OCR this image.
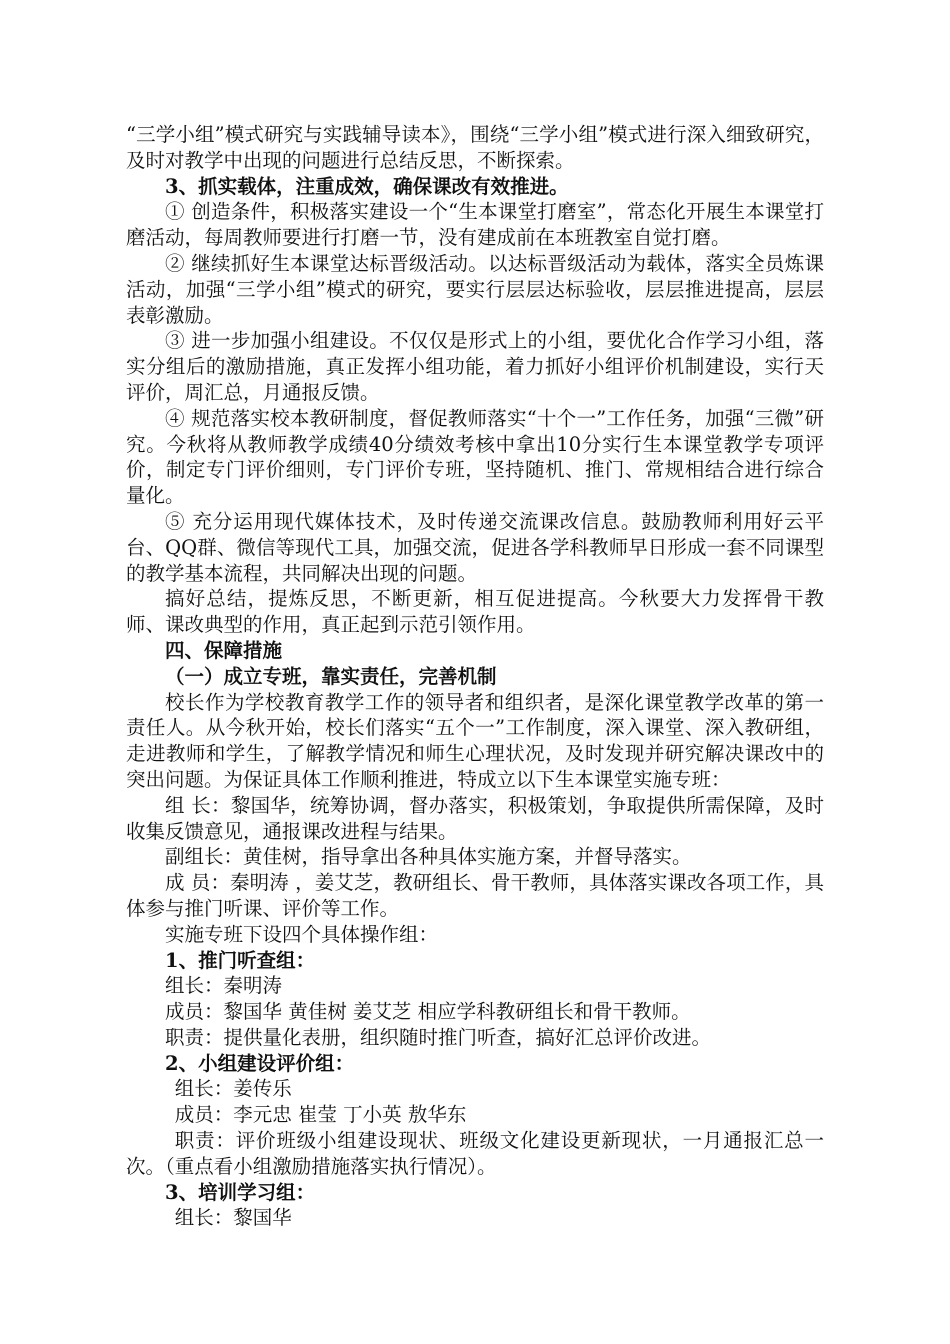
“三学小组”模式研究与实践辅导读本》，围绕“三学小组”模式进行深入细致研究，及时对教学中出现的问题进行总结反思，不断探索。

3、抓实载体，注重成效，确保课改有效推进。

① 创造条件，积极落实建设一个“生本课堂打磨室”，常态化开展生本课堂打磨活动，每周教师要进行打磨一节，没有建成前在本班教室自觉打磨。

② 继续抓好生本课堂达标晋级活动。以达标晋级活动为载体，落实全员炼课活动，加强“三学小组”模式的研究，要实行层层达标验收，层层推进提高，层层表彰激励。

③ 进一步加强小组建设。不仅仅是形式上的小组，要优化合作学习小组，落实分组后的激励措施，真正发挥小组功能，着力抓好小组评价机制建设，实行天评价，周汇总，月通报反馈。

④ 规范落实校本教研制度，督促教师落实“十个一”工作任务，加强“三微”研究。今秋将从教师教学成绩40分绩效考核中拿出10分实行生本课堂教学专项评价，制定专门评价细则，专门评价专班，坚持随机、推门、常规相结合进行综合量化。

⑤ 充分运用现代媒体技术，及时传递交流课改信息。鼓励教师利用好云平台、QQ群、微信等现代工具，加强交流，促进各学科教师早日形成一套不同课型的教学基本流程，共同解决出现的问题。

搞好总结，提炼反思，不断更新，相互促进提高。今秋要大力发挥骨干教师、课改典型的作用，真正起到示范引领作用。

四、保障措施

（一）成立专班，靠实责任，完善机制

校长作为学校教育教学工作的领导者和组织者，是深化课堂教学改革的第一责任人。从今秋开始，校长们落实“五个一”工作制度，深入课堂、深入教研组，走进教师和学生，了解教学情况和师生心理状况，及时发现并研究解决课改中的突出问题。为保证具体工作顺利推进，特成立以下生本课堂实施专班：

组 长：黎国华，统筹协调，督办落实，积极策划，争取提供所需保障，及时收集反馈意见，通报课改进程与结果。

副组长：黄佳树，指导拿出各种具体实施方案，并督导落实。

成 员：秦明涛 ，姜艾芝，教研组长、骨干教师，具体落实课改各项工作，具体参与推门听课、评价等工作。

实施专班下设四个具体操作组：

1、推门听查组：

组长：秦明涛

成员：黎国华 黄佳树 姜艾芝 相应学科教研组长和骨干教师。

职责：提供量化表册，组织随时推门听查，搞好汇总评价改进。

2、小组建设评价组：

组长：姜传乐

成员：李元忠 崔莹 丁小英 敖华东

职责：评价班级小组建设现状、班级文化建设更新现状，一月通报汇总一次。（重点看小组激励措施落实执行情况）。

3、培训学习组：

组长：黎国华
